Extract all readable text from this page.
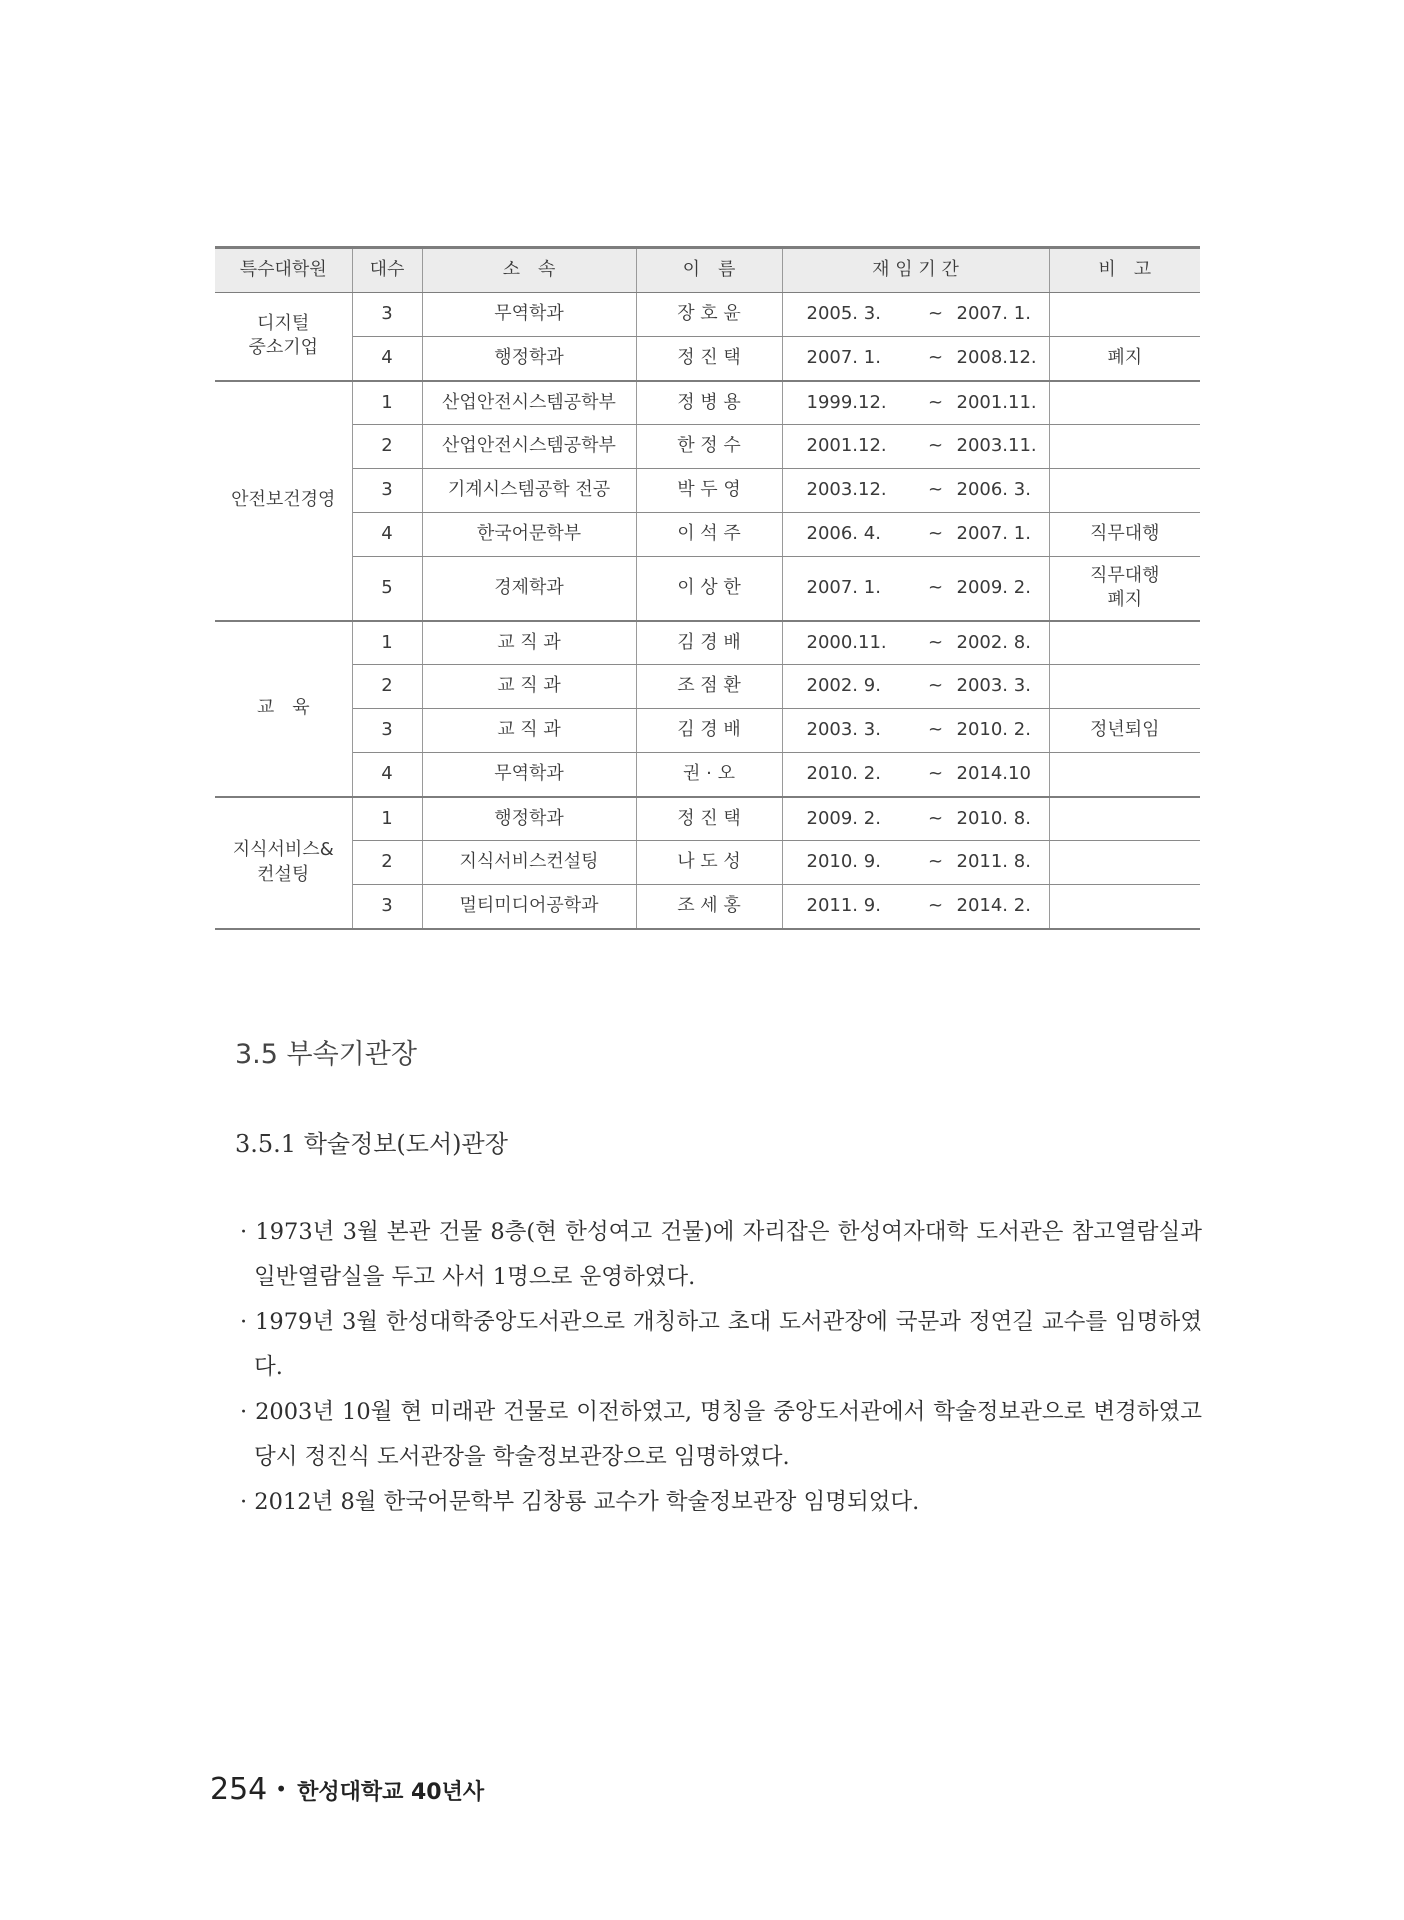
특수대학원	대수	소　속	이　름	재 임 기 간	비　고
디지털
중소기업	3	무역학과	장 호 윤	2005. 3. ~ 2007. 1.	
	4	행정학과	정 진 택	2007. 1. ~ 2008.12.	폐지
안전보건경영	1	산업안전시스템공학부	정 병 용	1999.12. ~ 2001.11.	
	2	산업안전시스템공학부	한 정 수	2001.12. ~ 2003.11.	
	3	기계시스템공학 전공	박 두 영	2003.12. ~ 2006. 3.	
	4	한국어문학부	이 석 주	2006. 4. ~ 2007. 1.	직무대행
	5	경제학과	이 상 한	2007. 1. ~ 2009. 2.	직무대행
폐지
교　육	1	교 직 과	김 경 배	2000.11. ~ 2002. 8.	
	2	교 직 과	조 점 환	2002. 9. ~ 2003. 3.	
	3	교 직 과	김 경 배	2003. 3. ~ 2010. 2.	정년퇴임
	4	무역학과	권 · 오	2010. 2. ~ 2014.10	
지식서비스&
컨설팅	1	행정학과	정 진 택	2009. 2. ~ 2010. 8.	
	2	지식서비스컨설팅	나 도 성	2010. 9. ~ 2011. 8.	
	3	멀티미디어공학과	조 세 홍	2011. 9. ~ 2014. 2.	
3.5 부속기관장
3.5.1 학술정보(도서)관장

· 1973년 3월 본관 건물 8층(현 한성여고 건물)에 자리잡은 한성여자대학 도서관은 참고열람실과 일반열람실을 두고 사서 1명으로 운영하였다.

· 1979년 3월 한성대학중앙도서관으로 개칭하고 초대 도서관장에 국문과 정연길 교수를 임명하였다.

· 2003년 10월 현 미래관 건물로 이전하였고, 명칭을 중앙도서관에서 학술정보관으로 변경하였고 당시 정진식 도서관장을 학술정보관장으로 임명하였다.

· 2012년 8월 한국어문학부 김창룡 교수가 학술정보관장 임명되었다.

254 • 한성대학교 40년사
